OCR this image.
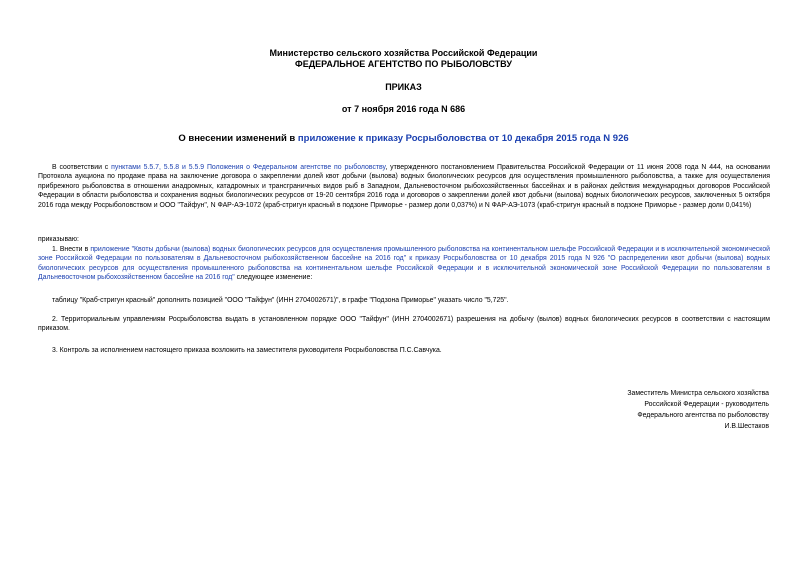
Министерство сельского хозяйства Российской Федерации
ФЕДЕРАЛЬНОЕ АГЕНТСТВО ПО РЫБОЛОВСТВУ
ПРИКАЗ
от 7 ноября 2016 года N 686
О внесении изменений в приложение к приказу Росрыболовства от 10 декабря 2015 года N 926

В соответствии с пунктами 5.5.7, 5.5.8 и 5.5.9 Положения о Федеральном агентстве по рыболовству, утвержденного постановлением Правительства Российской Федерации от 11 июня 2008 года N 444, на основании Протокола аукциона по продаже права на заключение договора о закреплении долей квот добычи (вылова) водных биологических ресурсов для осуществления промышленного рыболовства, а также для осуществления прибрежного рыболовства в отношении анадромных, катадромных и трансграничных видов рыб в Западном, Дальневосточном рыбохозяйственных бассейнах и в районах действия международных договоров Российской Федерации в области рыболовства и сохранения водных биологических ресурсов от 19-20 сентября 2016 года и договоров о закреплении долей квот добычи (вылова) водных биологических ресурсов, заключенных 5 октября 2016 года между Росрыболовством и ООО "Тайфун", N ФАР-АЭ-1072 (краб-стригун красный в подзоне Приморье - размер доли 0,037%) и N ФАР-АЭ-1073 (краб-стригун красный в подзоне Приморье - размер доли 0,041%)

приказываю:

1. Внести в приложение "Квоты добычи (вылова) водных биологических ресурсов для осуществления промышленного рыболовства на континентальном шельфе Российской Федерации и в исключительной экономической зоне Российской Федерации по пользователям в Дальневосточном рыбохозяйственном бассейне на 2016 год" к приказу Росрыболовства от 10 декабря 2015 года N 926 "О распределении квот добычи (вылова) водных биологических ресурсов для осуществления промышленного рыболовства на континентальном шельфе Российской Федерации и в исключительной экономической зоне Российской Федерации по пользователям в Дальневосточном рыбохозяйственном бассейне на 2016 год" следующее изменение:

таблицу "Краб-стригун красный" дополнить позицией "ООО "Тайфун" (ИНН 2704002671)", в графе "Подзона Приморье" указать число "5,725".

2. Территориальным управлениям Росрыболовства выдать в установленном порядке ООО "Тайфун" (ИНН 2704002671) разрешения на добычу (вылов) водных биологических ресурсов в соответствии с настоящим приказом.

3. Контроль за исполнением настоящего приказа возложить на заместителя руководителя Росрыболовства П.С.Савчука.

Заместитель Министра сельского хозяйства
Российской Федерации - руководитель
Федерального агентства по рыболовству
И.В.Шестаков
